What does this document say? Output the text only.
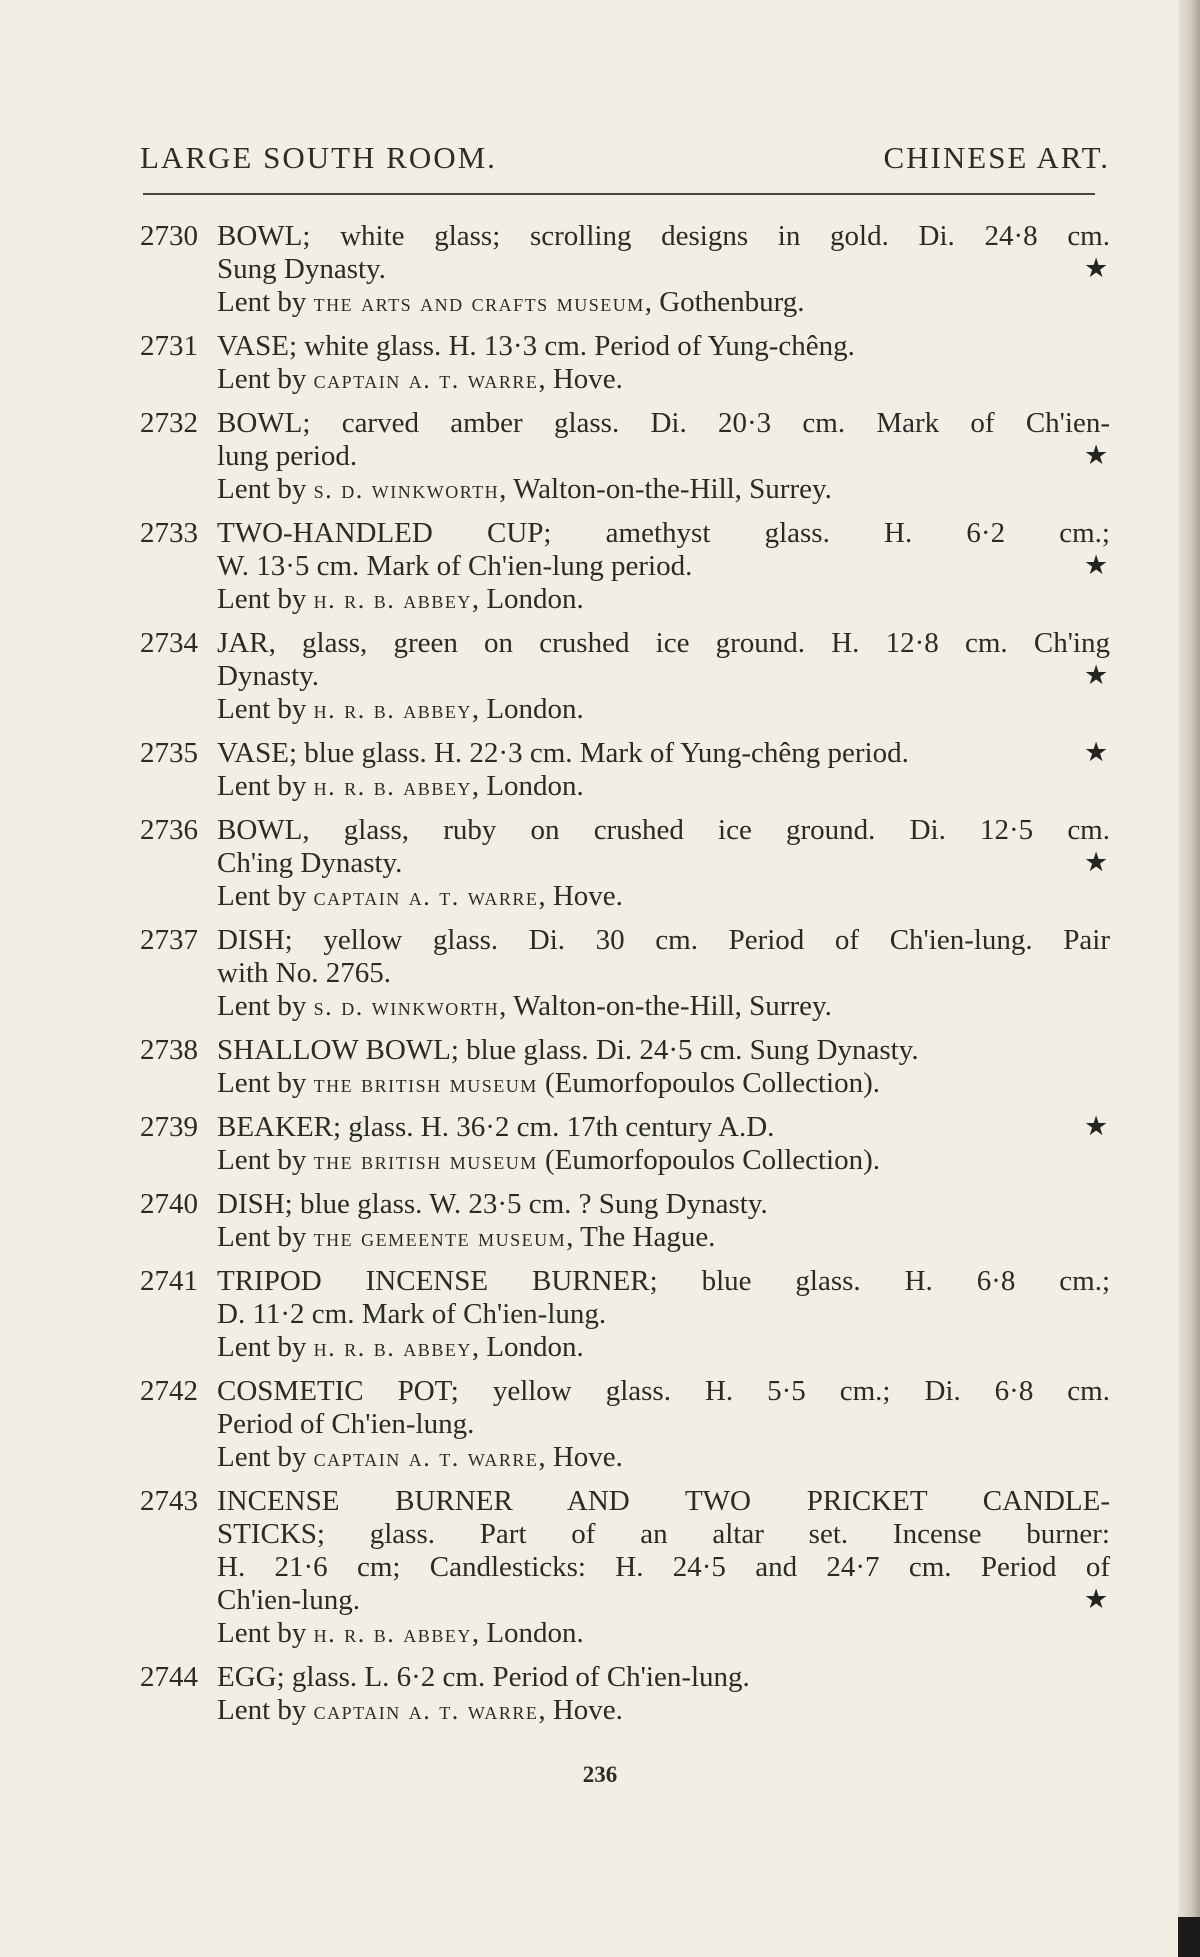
LARGE SOUTH ROOM.	CHINESE ART.
2730 BOWL; white glass; scrolling designs in gold. Di. 24·8 cm.
Sung Dynasty.	★
Lent by the arts and crafts museum, Gothenburg.
2731 VASE; white glass. H. 13·3 cm. Period of Yung-chêng.
Lent by captain a. t. warre, Hove.
2732 BOWL; carved amber glass. Di. 20·3 cm. Mark of Ch'ien-
lung period.	★
Lent by s. d. winkworth, Walton-on-the-Hill, Surrey.
2733 TWO-HANDLED CUP; amethyst glass. H. 6·2 cm.;
W. 13·5 cm. Mark of Ch'ien-lung period.	★
Lent by h. r. b. abbey, London.
2734 JAR, glass, green on crushed ice ground. H. 12·8 cm. Ch'ing
Dynasty.	★
Lent by h. r. b. abbey, London.
2735 VASE; blue glass. H. 22·3 cm. Mark of Yung-chêng period.	★
Lent by h. r. b. abbey, London.
2736 BOWL, glass, ruby on crushed ice ground. Di. 12·5 cm.
Ch'ing Dynasty.	★
Lent by captain a. t. warre, Hove.
2737 DISH; yellow glass. Di. 30 cm. Period of Ch'ien-lung. Pair
with No. 2765.
Lent by s. d. winkworth, Walton-on-the-Hill, Surrey.
2738 SHALLOW BOWL; blue glass. Di. 24·5 cm. Sung Dynasty.
Lent by the british museum (Eumorfopoulos Collection).
2739 BEAKER; glass. H. 36·2 cm. 17th century A.D.	★
Lent by the british museum (Eumorfopoulos Collection).
2740 DISH; blue glass. W. 23·5 cm. ? Sung Dynasty.
Lent by the gemeente museum, The Hague.
2741 TRIPOD INCENSE BURNER; blue glass. H. 6·8 cm.;
D. 11·2 cm. Mark of Ch'ien-lung.
Lent by h. r. b. abbey, London.
2742 COSMETIC POT; yellow glass. H. 5·5 cm.; Di. 6·8 cm.
Period of Ch'ien-lung.
Lent by captain a. t. warre, Hove.
2743 INCENSE BURNER AND TWO PRICKET CANDLE-
STICKS; glass. Part of an altar set. Incense burner:
H. 21·6 cm; Candlesticks: H. 24·5 and 24·7 cm. Period of
Ch'ien-lung.	★
Lent by h. r. b. abbey, London.
2744 EGG; glass. L. 6·2 cm. Period of Ch'ien-lung.
Lent by captain a. t. warre, Hove.
236
